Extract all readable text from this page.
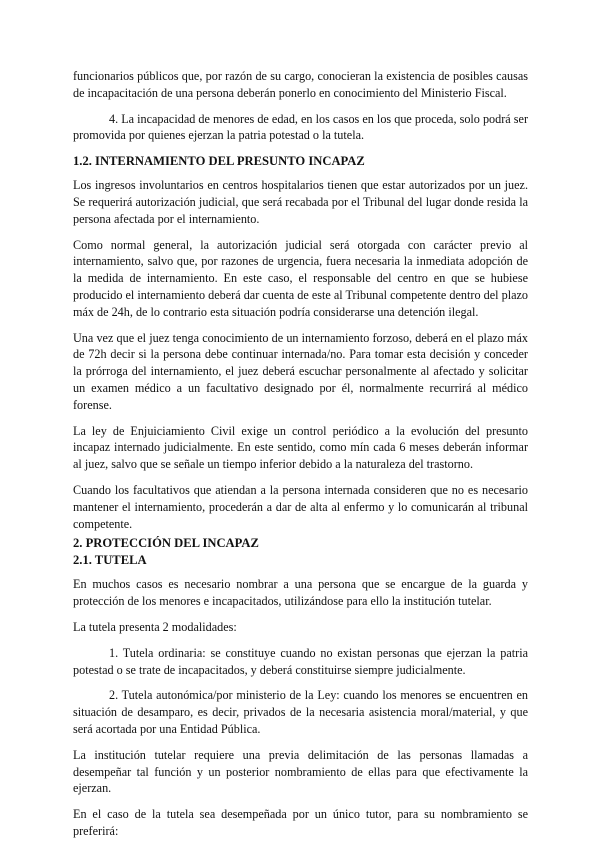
funcionarios públicos que, por razón de su cargo, conocieran la existencia de posibles causas de incapacitación de una persona deberán ponerlo en conocimiento del Ministerio Fiscal.

4. La incapacidad de menores de edad, en los casos en los que proceda, solo podrá ser promovida por quienes ejerzan la patria potestad o la tutela.

1.2. INTERNAMIENTO DEL PRESUNTO INCAPAZ

Los ingresos involuntarios en centros hospitalarios tienen que estar autorizados por un juez. Se requerirá autorización judicial, que será recabada por el Tribunal del lugar donde resida la persona afectada por el internamiento.

Como normal general, la autorización judicial será otorgada con carácter previo al internamiento, salvo que, por razones de urgencia, fuera necesaria la inmediata adopción de la medida de internamiento. En este caso, el responsable del centro en que se hubiese producido el internamiento deberá dar cuenta de este al Tribunal competente dentro del plazo máx de 24h, de lo contrario esta situación podría considerarse una detención ilegal.

Una vez que el juez tenga conocimiento de un internamiento forzoso, deberá en el plazo máx de 72h decir si la persona debe continuar internada/no. Para tomar esta decisión y conceder la prórroga del internamiento, el juez deberá escuchar personalmente al afectado y solicitar un examen médico a un facultativo designado por él, normalmente recurrirá al médico forense.

La ley de Enjuiciamiento Civil exige un control periódico a la evolución del presunto incapaz internado judicialmente. En este sentido, como mín cada 6 meses deberán informar al juez, salvo que se señale un tiempo inferior debido a la naturaleza del trastorno.

Cuando los facultativos que atiendan a la persona internada consideren que no es necesario mantener el internamiento, procederán a dar de alta al enfermo y lo comunicarán al tribunal competente.

2. PROTECCIÓN DEL INCAPAZ
2.1. TUTELA

En muchos casos es necesario nombrar a una persona que se encargue de la guarda y protección de los menores e incapacitados, utilizándose para ello la institución tutelar.

La tutela presenta 2 modalidades:

1. Tutela ordinaria: se constituye cuando no existan personas que ejerzan la patria potestad o se trate de incapacitados, y deberá constituirse siempre judicialmente.

2. Tutela autonómica/por ministerio de la Ley: cuando los menores se encuentren en situación de desamparo, es decir, privados de la necesaria asistencia moral/material, y que será acortada por una Entidad Pública.

La institución tutelar requiere una previa delimitación de las personas llamadas a desempeñar tal función y un posterior nombramiento de ellas para que efectivamente la ejerzan.

En el caso de la tutela sea desempeñada por un único tutor, para su nombramiento se preferirá:
